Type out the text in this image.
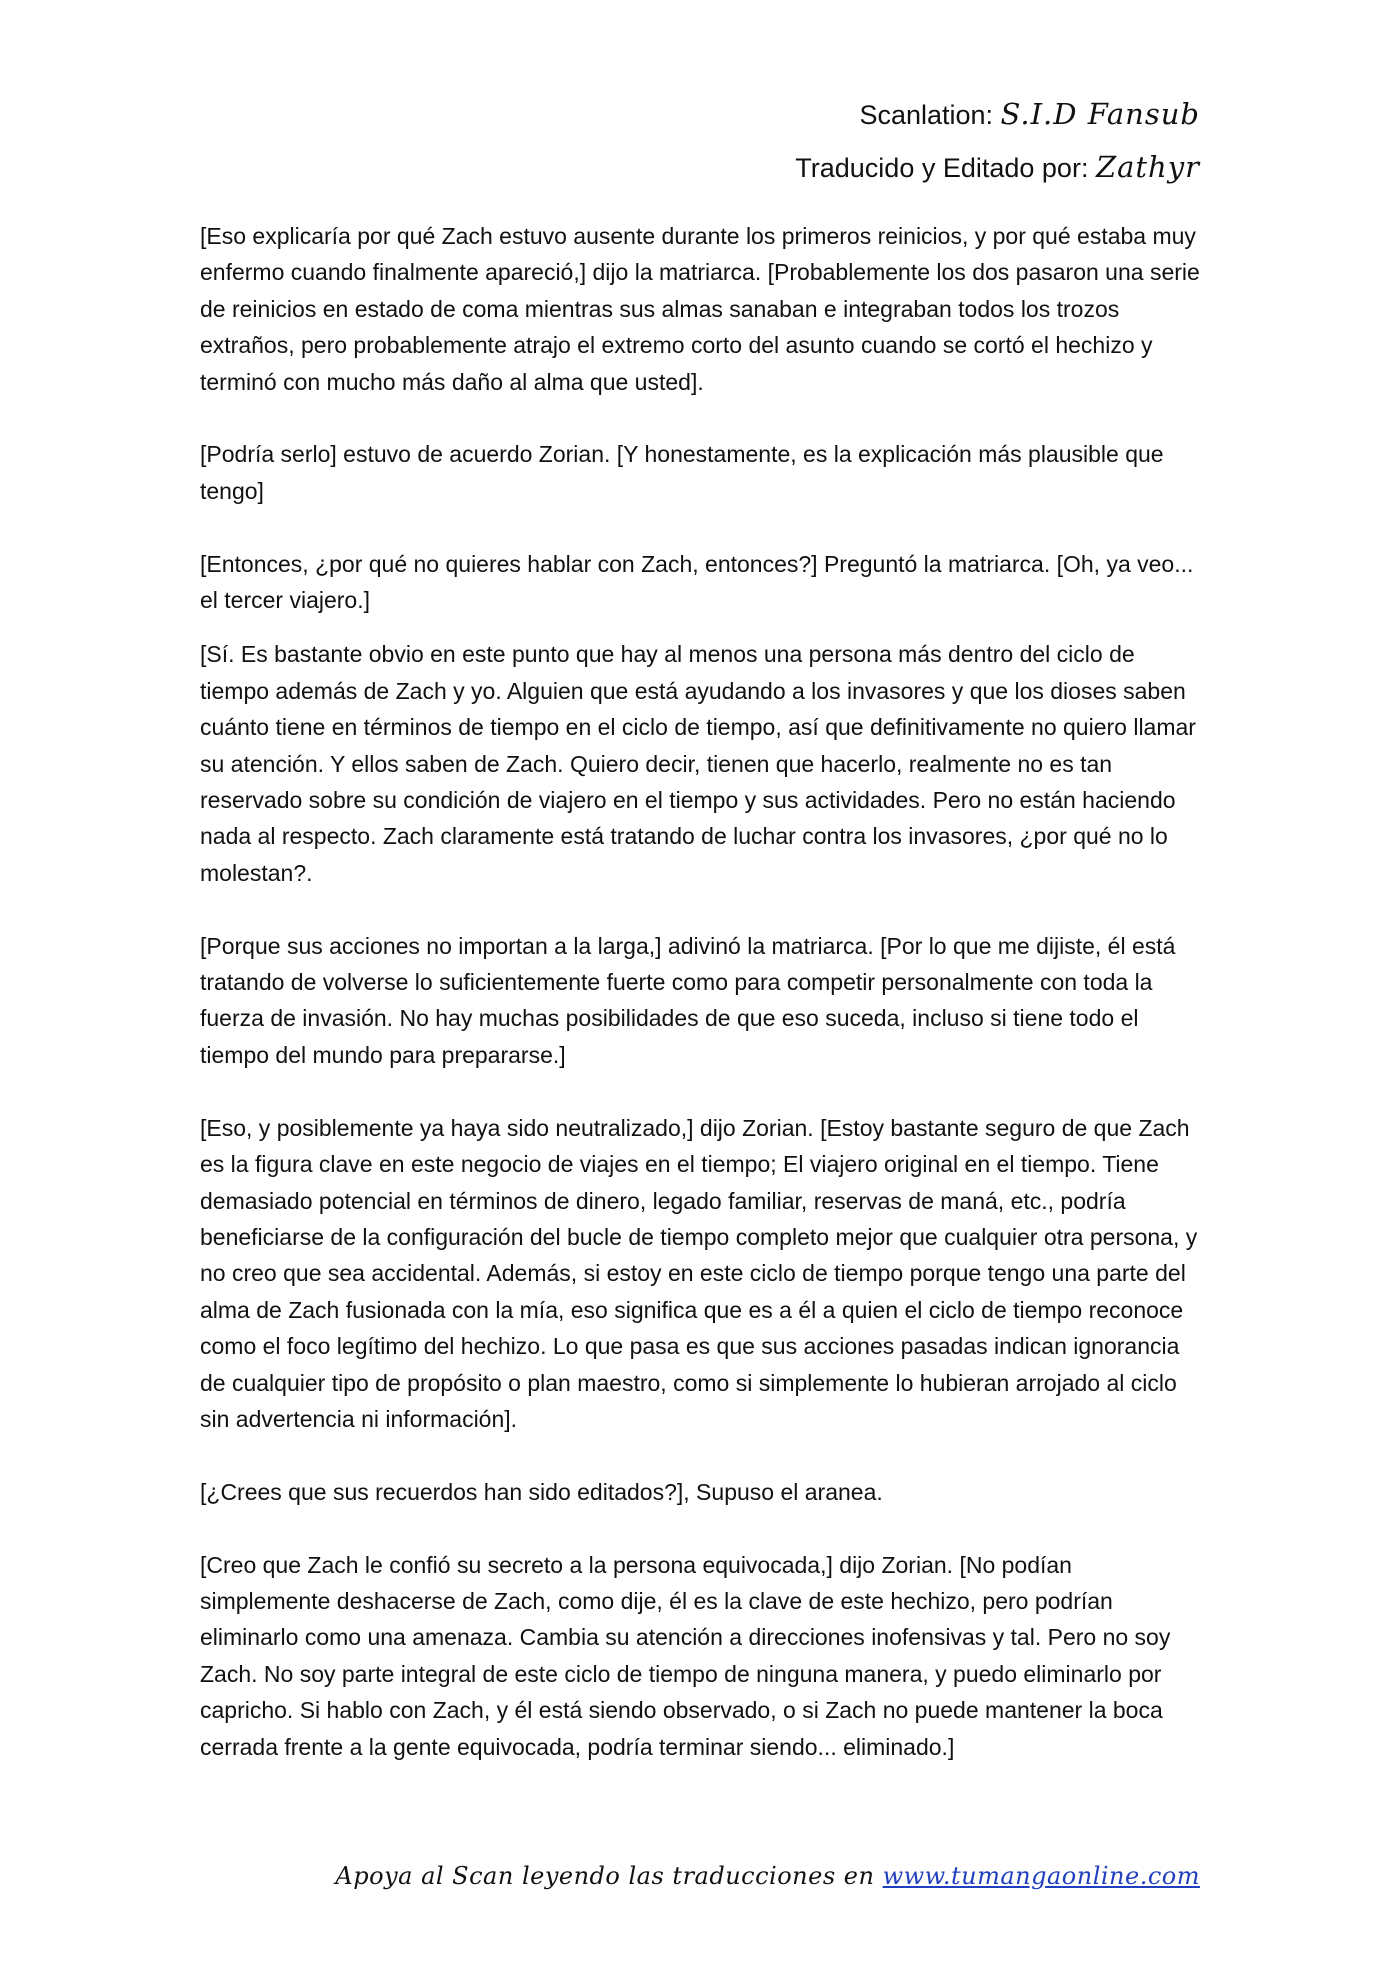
Scanlation: S.I.D Fansub
Traducido y Editado por: Zathyr

[Eso explicaría por qué Zach estuvo ausente durante los primeros reinicios, y por qué estaba muy enfermo cuando finalmente apareció,] dijo la matriarca. [Probablemente los dos pasaron una serie de reinicios en estado de coma mientras sus almas sanaban e integraban todos los trozos extraños, pero probablemente atrajo el extremo corto del asunto cuando se cortó el hechizo y terminó con mucho más daño al alma que usted].

[Podría serlo] estuvo de acuerdo Zorian. [Y honestamente, es la explicación más plausible que tengo]

[Entonces, ¿por qué no quieres hablar con Zach, entonces?] Preguntó la matriarca. [Oh, ya veo... el tercer viajero.]

[Sí. Es bastante obvio en este punto que hay al menos una persona más dentro del ciclo de tiempo además de Zach y yo. Alguien que está ayudando a los invasores y que los dioses saben cuánto tiene en términos de tiempo en el ciclo de tiempo, así que definitivamente no quiero llamar su atención. Y ellos saben de Zach. Quiero decir, tienen que hacerlo, realmente no es tan reservado sobre su condición de viajero en el tiempo y sus actividades. Pero no están haciendo nada al respecto. Zach claramente está tratando de luchar contra los invasores, ¿por qué no lo molestan?.

[Porque sus acciones no importan a la larga,] adivinó la matriarca. [Por lo que me dijiste, él está tratando de volverse lo suficientemente fuerte como para competir personalmente con toda la fuerza de invasión. No hay muchas posibilidades de que eso suceda, incluso si tiene todo el tiempo del mundo para prepararse.]

[Eso, y posiblemente ya haya sido neutralizado,] dijo Zorian. [Estoy bastante seguro de que Zach es la figura clave en este negocio de viajes en el tiempo; El viajero original en el tiempo. Tiene demasiado potencial en términos de dinero, legado familiar, reservas de maná, etc., podría beneficiarse de la configuración del bucle de tiempo completo mejor que cualquier otra persona, y no creo que sea accidental. Además, si estoy en este ciclo de tiempo porque tengo una parte del alma de Zach fusionada con la mía, eso significa que es a él a quien el ciclo de tiempo reconoce como el foco legítimo del hechizo. Lo que pasa es que sus acciones pasadas indican ignorancia de cualquier tipo de propósito o plan maestro, como si simplemente lo hubieran arrojado al ciclo sin advertencia ni información].

[¿Crees que sus recuerdos han sido editados?], Supuso el aranea.

[Creo que Zach le confió su secreto a la persona equivocada,] dijo Zorian. [No podían simplemente deshacerse de Zach, como dije, él es la clave de este hechizo, pero podrían eliminarlo como una amenaza. Cambia su atención a direcciones inofensivas y tal. Pero no soy Zach. No soy parte integral de este ciclo de tiempo de ninguna manera, y puedo eliminarlo por capricho. Si hablo con Zach, y él está siendo observado, o si Zach no puede mantener la boca cerrada frente a la gente equivocada, podría terminar siendo... eliminado.]

Apoya al Scan leyendo las traducciones en www.tumangaonline.com
